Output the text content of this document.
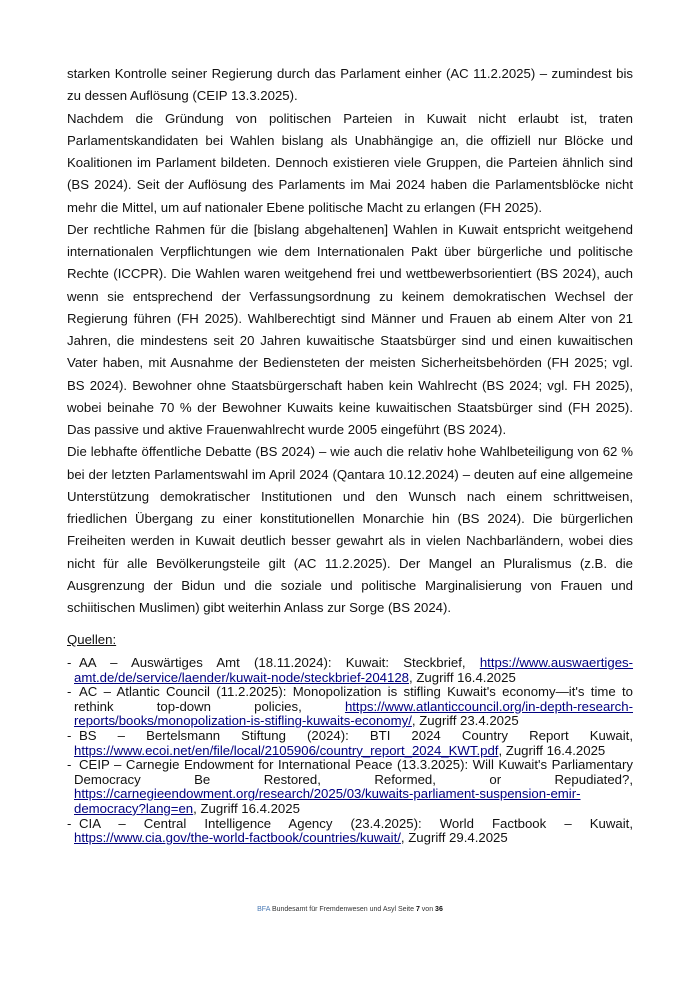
starken Kontrolle seiner Regierung durch das Parlament einher (AC 11.2.2025) – zumindest bis zu dessen Auflösung (CEIP 13.3.2025).

Nachdem die Gründung von politischen Parteien in Kuwait nicht erlaubt ist, traten Parlamentskandidaten bei Wahlen bislang als Unabhängige an, die offiziell nur Blöcke und Koalitionen im Parlament bildeten. Dennoch existieren viele Gruppen, die Parteien ähnlich sind (BS 2024). Seit der Auflösung des Parlaments im Mai 2024 haben die Parlamentsblöcke nicht mehr die Mittel, um auf nationaler Ebene politische Macht zu erlangen (FH 2025).

Der rechtliche Rahmen für die [bislang abgehaltenen] Wahlen in Kuwait entspricht weitgehend internationalen Verpflichtungen wie dem Internationalen Pakt über bürgerliche und politische Rechte (ICCPR). Die Wahlen waren weitgehend frei und wettbewerbsorientiert (BS 2024), auch wenn sie entsprechend der Verfassungsordnung zu keinem demokratischen Wechsel der Regierung führen (FH 2025). Wahlberechtigt sind Männer und Frauen ab einem Alter von 21 Jahren, die mindestens seit 20 Jahren kuwaitische Staatsbürger sind und einen kuwaitischen Vater haben, mit Ausnahme der Bediensteten der meisten Sicherheitsbehörden (FH 2025; vgl. BS 2024). Bewohner ohne Staatsbürgerschaft haben kein Wahlrecht (BS 2024; vgl. FH 2025), wobei beinahe 70 % der Bewohner Kuwaits keine kuwaitischen Staatsbürger sind (FH 2025). Das passive und aktive Frauenwahlrecht wurde 2005 eingeführt (BS 2024).

Die lebhafte öffentliche Debatte (BS 2024) – wie auch die relativ hohe Wahlbeteiligung von 62 % bei der letzten Parlamentswahl im April 2024 (Qantara 10.12.2024) – deuten auf eine allgemeine Unterstützung demokratischer Institutionen und den Wunsch nach einem schrittweisen, friedlichen Übergang zu einer konstitutionellen Monarchie hin (BS 2024). Die bürgerlichen Freiheiten werden in Kuwait deutlich besser gewahrt als in vielen Nachbarländern, wobei dies nicht für alle Bevölkerungsteile gilt (AC 11.2.2025). Der Mangel an Pluralismus (z.B. die Ausgrenzung der Bidun und die soziale und politische Marginalisierung von Frauen und schiitischen Muslimen) gibt weiterhin Anlass zur Sorge (BS 2024).

Quellen:

- AA – Auswärtiges Amt (18.11.2024): Kuwait: Steckbrief, https://www.auswaertiges-amt.de/de/service/laender/kuwait-node/steckbrief-204128, Zugriff 16.4.2025
- AC – Atlantic Council (11.2.2025): Monopolization is stifling Kuwait's economy—it's time to rethink top-down policies,	https://www.atlanticcouncil.org/in-depth-research-reports/books/monopolization-is-stifling-kuwaits-economy/, Zugriff 23.4.2025
- BS – Bertelsmann Stiftung (2024): BTI 2024 Country Report Kuwait, https://www.ecoi.net/en/file/local/2105906/country_report_2024_KWT.pdf, Zugriff 16.4.2025
- CEIP – Carnegie Endowment for International Peace (13.3.2025): Will Kuwait's Parliamentary Democracy Be Restored, Reformed, or Repudiated?, https://carnegieendowment.org/research/2025/03/kuwaits-parliament-suspension-emir-democracy?lang=en, Zugriff 16.4.2025
- CIA – Central Intelligence Agency (23.4.2025): World Factbook – Kuwait, https://www.cia.gov/the-world-factbook/countries/kuwait/, Zugriff 29.4.2025
BFA Bundesamt für Fremdenwesen und Asyl Seite 7 von 36
